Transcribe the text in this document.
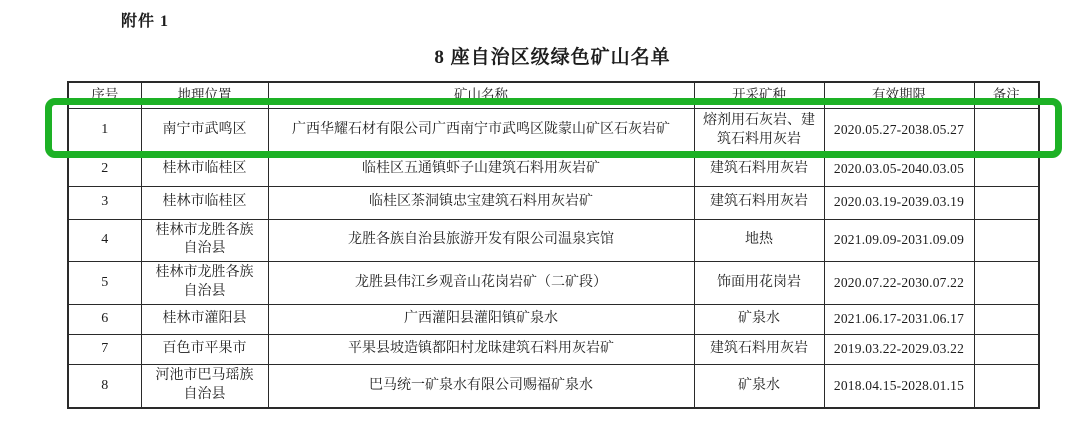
附件 1
8 座自治区级绿色矿山名单
序号	地理位置	矿山名称	开采矿种	有效期限	备注
1	南宁市武鸣区	广西华耀石材有限公司广西南宁市武鸣区陇蒙山矿区石灰岩矿	熔剂用石灰岩、建筑石料用灰岩	2020.05.27-2038.05.27	
2	桂林市临桂区	临桂区五通镇虾子山建筑石料用灰岩矿	建筑石料用灰岩	2020.03.05-2040.03.05	
3	桂林市临桂区	临桂区茶洞镇忠宝建筑石料用灰岩矿	建筑石料用灰岩	2020.03.19-2039.03.19	
4	桂林市龙胜各族自治县	龙胜各族自治县旅游开发有限公司温泉宾馆	地热	2021.09.09-2031.09.09	
5	桂林市龙胜各族自治县	龙胜县伟江乡观音山花岗岩矿（二矿段）	饰面用花岗岩	2020.07.22-2030.07.22	
6	桂林市灌阳县	广西灌阳县灌阳镇矿泉水	矿泉水	2021.06.17-2031.06.17	
7	百色市平果市	平果县坡造镇都阳村龙昧建筑石料用灰岩矿	建筑石料用灰岩	2019.03.22-2029.03.22	
8	河池市巴马瑶族自治县	巴马统一矿泉水有限公司赐福矿泉水	矿泉水	2018.04.15-2028.01.15	
